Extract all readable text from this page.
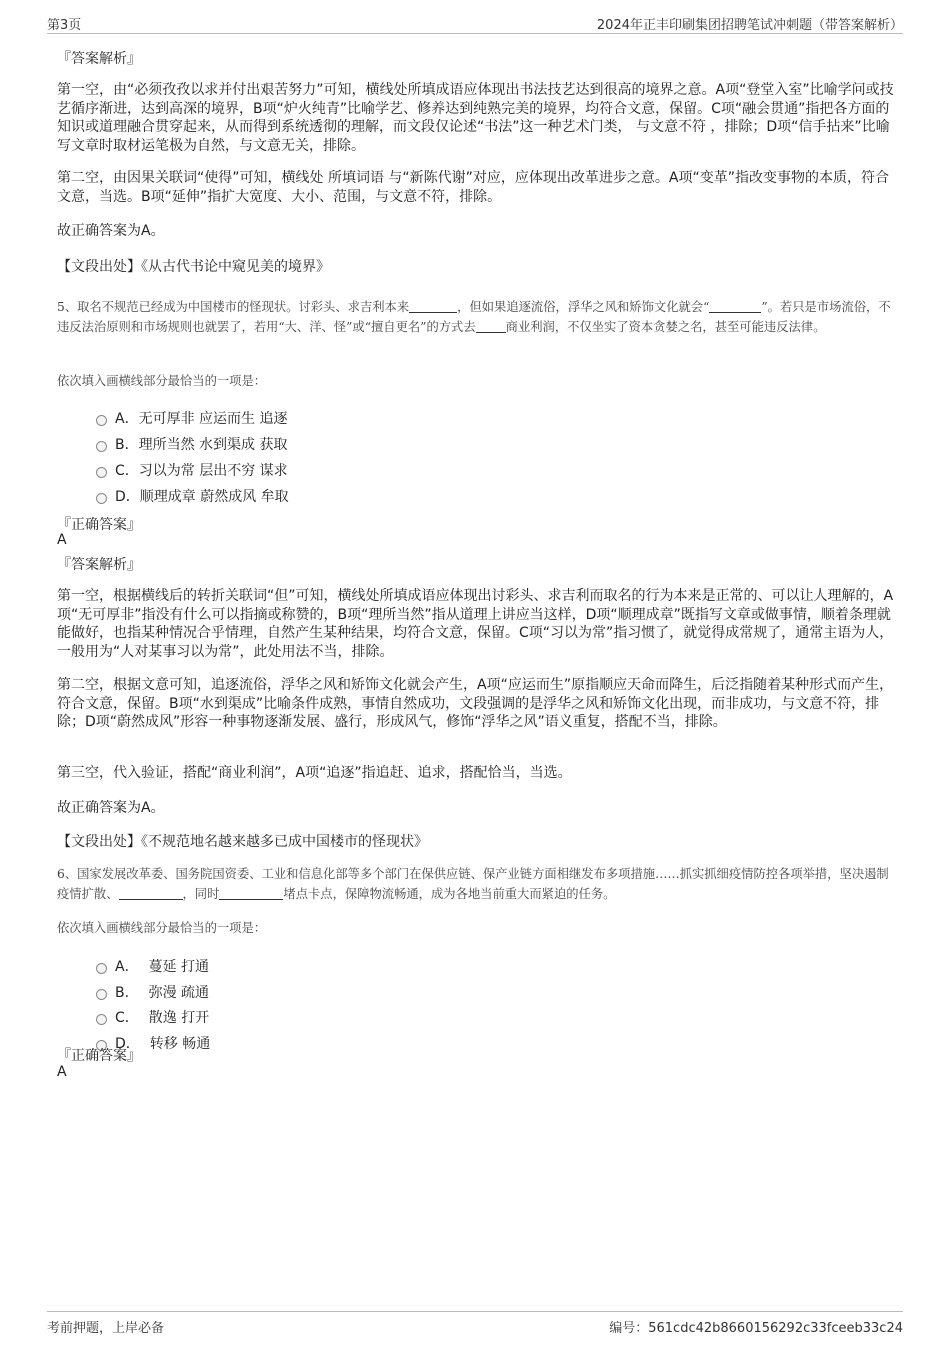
第3页	2024年正丰印刷集团招聘笔试冲刺题（带答案解析）
『答案解析』
第一空，由“必须孜孜以求并付出艰苦努力”可知，横线处所填成语应体现出书法技艺达到很高的境界之意。A项“登堂入室”比喻学问或技艺循序渐进，达到高深的境界，B项“炉火纯青”比喻学艺、修养达到纯熟完美的境界，均符合文意，保留。C项“融会贯通”指把各方面的知识或道理融合贯穿起来，从而得到系统透彻的理解，而文段仅论述“书法”这一种艺术门类， 与文意不符 ，排除；D项“信手拈来”比喻写文章时取材运笔极为自然，与文意无关，排除。
第二空，由因果关联词“使得”可知，横线处 所填词语 与“新陈代谢”对应，应体现出改革进步之意。A项“变革”指改变事物的本质，符合文意，当选。B项“延伸”指扩大宽度、大小、范围，与文意不符，排除。
故正确答案为A。
【文段出处】《从古代书论中窥见美的境界》
5、取名不规范已经成为中国楼市的怪现状。讨彩头、求吉利本来	，但如果追逐流俗，浮华之风和矫饰文化就会“	”。若只是市场流俗，不违反法治原则和市场规则也就罢了，若用“大、洋、怪”或“擅自更名”的方式去 商业利润，不仅坐实了资本贪婪之名，甚至可能违反法律。
依次填入画横线部分最恰当的一项是：
A．无可厚非 应运而生 追逐
B．理所当然 水到渠成 获取
C．习以为常 层出不穷 谋求
D．顺理成章 蔚然成风 牟取
『正确答案』
A
『答案解析』
第一空，根据横线后的转折关联词“但”可知，横线处所填成语应体现出讨彩头、求吉利而取名的行为本来是正常的、可以让人理解的，A项“无可厚非”指没有什么可以指摘或称赞的，B项“理所当然”指从道理上讲应当这样，D项“顺理成章”既指写文章或做事情，顺着条理就能做好，也指某种情况合乎情理，自然产生某种结果，均符合文意，保留。C项“习以为常”指习惯了，就觉得成常规了，通常主语为人，一般用为“人对某事习以为常”，此处用法不当，排除。
第二空，根据文意可知，追逐流俗，浮华之风和矫饰文化就会产生，A项“应运而生”原指顺应天命而降生，后泛指随着某种形式而产生，符合文意，保留。B项“水到渠成”比喻条件成熟，事情自然成功，文段强调的是浮华之风和矫饰文化出现，而非成功，与文意不符，排除；D项“蔚然成风”形容一种事物逐渐发展、盛行，形成风气，修饰“浮华之风”语义重复，搭配不当，排除。
第三空，代入验证，搭配“商业利润”，A项“追逐”指追赶、追求，搭配恰当，当选。
故正确答案为A。
【文段出处】《不规范地名越来越多已成中国楼市的怪现状》
6、国家发展改革委、国务院国资委、工业和信息化部等多个部门在保供应链、保产业链方面相继发布多项措施……抓实抓细疫情防控各项举措，坚决遏制疫情扩散、	，同时	堵点卡点，保障物流畅通，成为各地当前重大而紧迫的任务。
依次填入画横线部分最恰当的一项是：
A． 蔓延 打通
B． 弥漫 疏通
C． 散逸 打开
D． 转移 畅通
『正确答案』
A
考前押题，上岸必备	编号：561cdc42b8660156292c33fceeb33c24
